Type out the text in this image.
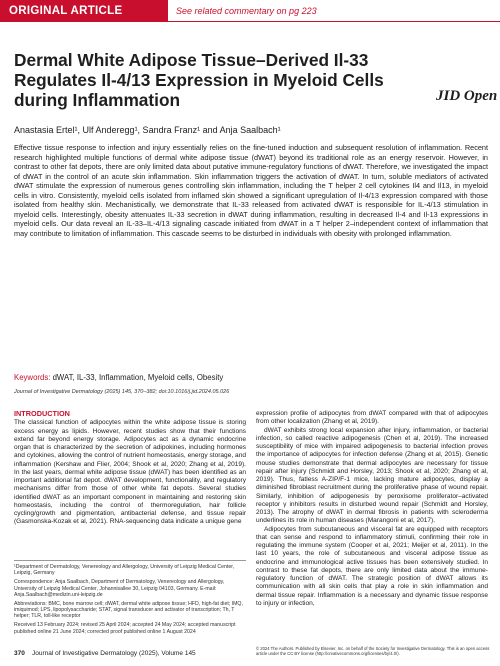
ORIGINAL ARTICLE	See related commentary on pg 223
Dermal White Adipose Tissue–Derived Il-33 Regulates Il-4/13 Expression in Myeloid Cells during Inflammation	JID Open
Anastasia Ertel¹, Ulf Anderegg¹, Sandra Franz¹ and Anja Saalbach¹

Effective tissue response to infection and injury essentially relies on the fine-tuned induction and subsequent resolution of inflammation. Recent research highlighted multiple functions of dermal white adipose tissue (dWAT) beyond its traditional role as an energy reservoir. However, in contrast to other fat depots, there are only limited data about putative immune-regulatory functions of dWAT. Therefore, we investigated the impact of dWAT in the control of an acute skin inflammation. Skin inflammation triggers the activation of dWAT. In turn, soluble mediators of activated dWAT stimulate the expression of numerous genes controlling skin inflammation, including the T helper 2 cell cytokines Il4 and Il13, in myeloid cells in vitro. Consistently, myeloid cells isolated from inflamed skin showed a significant upregulation of Il-4/13 expression compared with those isolated from healthy skin. Mechanistically, we demonstrate that IL-33 released from activated dWAT is responsible for IL-4/13 stimulation in myeloid cells. Interestingly, obesity attenuates IL-33 secretion in dWAT during inflammation, resulting in decreased Il-4 and Il-13 expressions in myeloid cells. Our data reveal an IL-33–IL-4/13 signaling cascade initiated from dWAT in a T helper 2–independent context of inflammation that may contribute to limitation of inflammation. This cascade seems to be disturbed in individuals with obesity with prolonged inflammation.

Keywords: dWAT, IL-33, Inflammation, Myeloid cells, Obesity
Journal of Investigative Dermatology (2025) 145, 370–382; doi:10.1016/j.jid.2024.05.026

INTRODUCTION

The classical function of adipocytes within the white adipose tissue is storing excess energy as lipids. However, recent studies show that their functions extend far beyond energy storage. Adipocytes act as a dynamic endocrine organ that is characterized by the secretion of adipokines, including hormones and cytokines, allowing the control of nutrient homeostasis, energy storage, and inflammation (Kershaw and Flier, 2004; Shook et al, 2020; Zhang et al, 2019). In the last years, dermal white adipose tissue (dWAT) has been identified as an important additional fat depot. dWAT development, functionality, and regulatory mechanisms differ from those of other white fat depots. Several studies identified dWAT as an important component in maintaining and restoring skin homeostasis, including the control of thermoregulation, hair follicle cycling/growth and pigmentation, antibacterial defense, and tissue repair (Gasmonska-Kozak et al, 2021). RNA-sequencing data indicate a unique gene

expression profile of adipocytes from dWAT compared with that of adipocytes from other localization (Zhang et al, 2019).

dWAT exhibits strong local expansion after injury, inflammation, or bacterial infection, so called reactive adipogenesis (Chen et al, 2019). The increased susceptibility of mice with impaired adipogenesis to bacterial infection proves the importance of adipocytes for infection defense (Zhang et al, 2015). Genetic mouse studies demonstrate that dermal adipocytes are necessary for tissue repair after injury (Schmidt and Horsley, 2013; Shook et al, 2020; Zhang et al, 2019). Thus, fatless A-ZIP/F-1 mice, lacking mature adipocytes, display a diminished fibroblast recruitment during the proliferative phase of wound repair. Similarly, inhibition of adipogenesis by peroxisome proliferator–activated receptor γ inhibitors results in disturbed wound repair (Schmidt and Horsley, 2013). The atrophy of dWAT in dermal fibrosis in patients with scleroderma underlines its role in human diseases (Marangoni et al, 2017).

Adipocytes from subcutaneous and visceral fat are equipped with receptors that can sense and respond to inflammatory stimuli, confirming their role in regulating the immune system (Cooper et al, 2021; Meijer et al, 2011). In the last 10 years, the role of subcutaneous and visceral adipose tissue as endocrine and immunological active tissues has been extensively studied. In contrast to these fat depots, there are only limited data about the immune-regulatory function of dWAT. The strategic position of dWAT allows its communication with all skin cells that play a role in skin inflammation and dermal tissue repair. Inflammation is a necessary and dynamic tissue response to injury or infection,

¹Department of Dermatology, Venereology and Allergology, University of Leipzig Medical Center, Leipzig, Germany

Correspondence: Anja Saalbach, Department of Dermatology, Venereology and Allergology, University of Leipzig Medical Center, Johannisallee 30, Leipzig 04103, Germany. E-mail: Anja.Saalbach@medizin.uni-leipzig.de

Abbreviations: BMC, bone marrow cell; dWAT, dermal white adipose tissue; HFD, high-fat diet; IMQ, imiquimod; LPS, lipopolysaccharide; STAT, signal transducer and activator of transcription; Th, T helper; TLR, toll-like receptor

Received 13 February 2024; revised 25 April 2024; accepted 24 May 2024; accepted manuscript published online 21 June 2024; corrected proof published online 1 August 2024

370 Journal of Investigative Dermatology (2025), Volume 145
© 2024 The Authors. Published by Elsevier, Inc. on behalf of the Society for Investigative Dermatology. This is an open access article under the CC BY license (http://creativecommons.org/licenses/by/4.0/).
